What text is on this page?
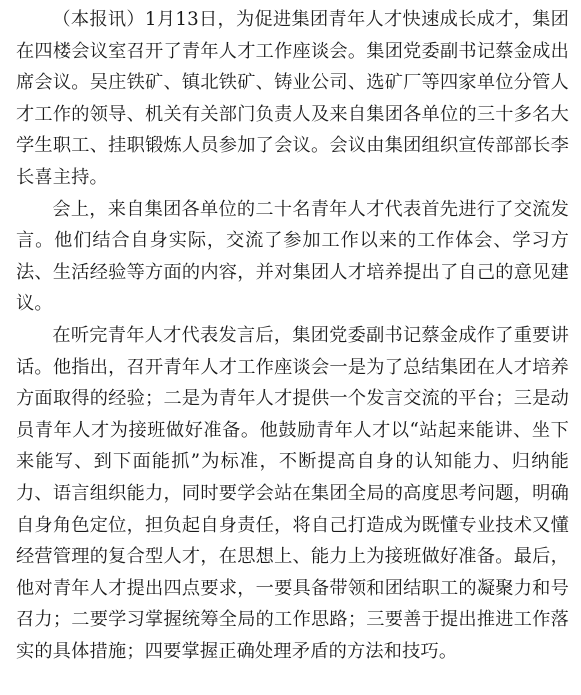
（本报讯）1月13日，为促进集团青年人才快速成长成才，集团在四楼会议室召开了青年人才工作座谈会。集团党委副书记蔡金成出席会议。吴庄铁矿、镇北铁矿、铸业公司、选矿厂等四家单位分管人才工作的领导、机关有关部门负责人及来自集团各单位的三十多名大学生职工、挂职锻炼人员参加了会议。会议由集团组织宣传部部长李长喜主持。

会上，来自集团各单位的二十名青年人才代表首先进行了交流发言。他们结合自身实际，交流了参加工作以来的工作体会、学习方法、生活经验等方面的内容，并对集团人才培养提出了自己的意见建议。

在听完青年人才代表发言后，集团党委副书记蔡金成作了重要讲话。他指出，召开青年人才工作座谈会一是为了总结集团在人才培养方面取得的经验；二是为青年人才提供一个发言交流的平台；三是动员青年人才为接班做好准备。他鼓励青年人才以“站起来能讲、坐下来能写、到下面能抓”为标准，不断提高自身的认知能力、归纳能力、语言组织能力，同时要学会站在集团全局的高度思考问题，明确自身角色定位，担负起自身责任，将自己打造成为既懂专业技术又懂经营管理的复合型人才，在思想上、能力上为接班做好准备。最后，他对青年人才提出四点要求，一要具备带领和团结职工的凝聚力和号召力；二要学习掌握统筹全局的工作思路；三要善于提出推进工作落实的具体措施；四要掌握正确处理矛盾的方法和技巧。
